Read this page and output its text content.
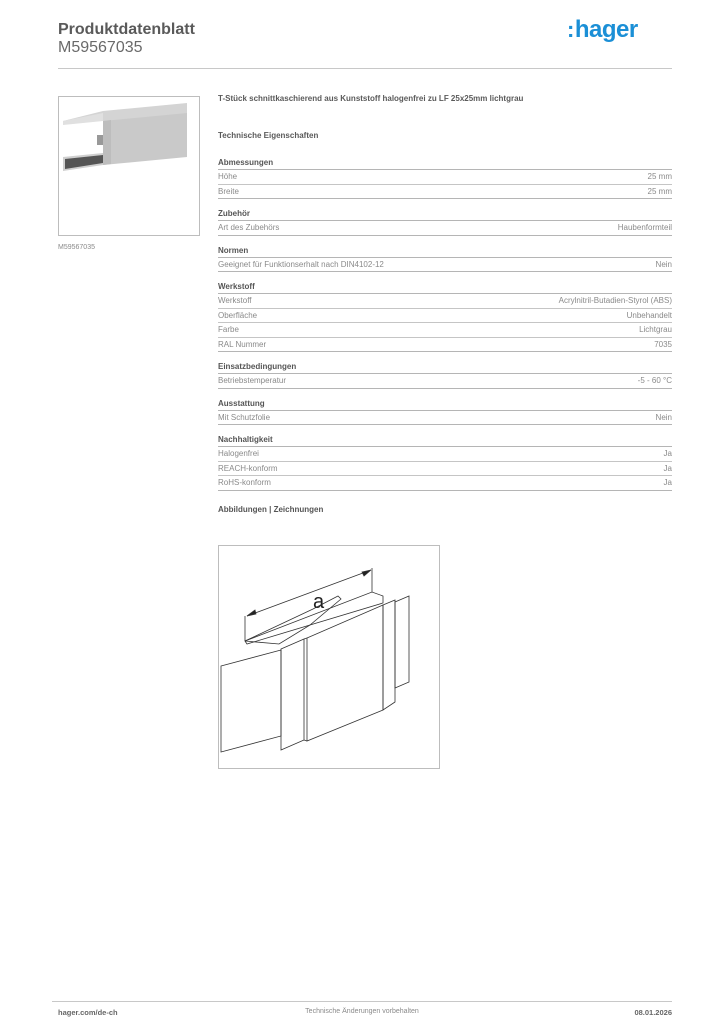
Produktdatenblatt
M59567035
:hager
M59567035
T-Stück schnittkaschierend aus Kunststoff halogenfrei zu LF 25x25mm lichtgrau
Technische Eigenschaften
Abmessungen
Höhe	25 mm
Breite	25 mm
Zubehör
Art des Zubehörs	Haubenformteil
Normen
Geeignet für Funktionserhalt nach DIN4102-12	Nein
Werkstoff
Werkstoff	Acrylnitril-Butadien-Styrol (ABS)
Oberfläche	Unbehandelt
Farbe	Lichtgrau
RAL Nummer	7035
Einsatzbedingungen
Betriebstemperatur	-5 - 60 °C
Ausstattung
Mit Schutzfolie	Nein
Nachhaltigkeit
Halogenfrei	Ja
REACH-konform	Ja
RoHS-konform	Ja
Abbildungen | Zeichnungen
a
hager.com/de-ch	Technische Änderungen vorbehalten	08.01.2026
